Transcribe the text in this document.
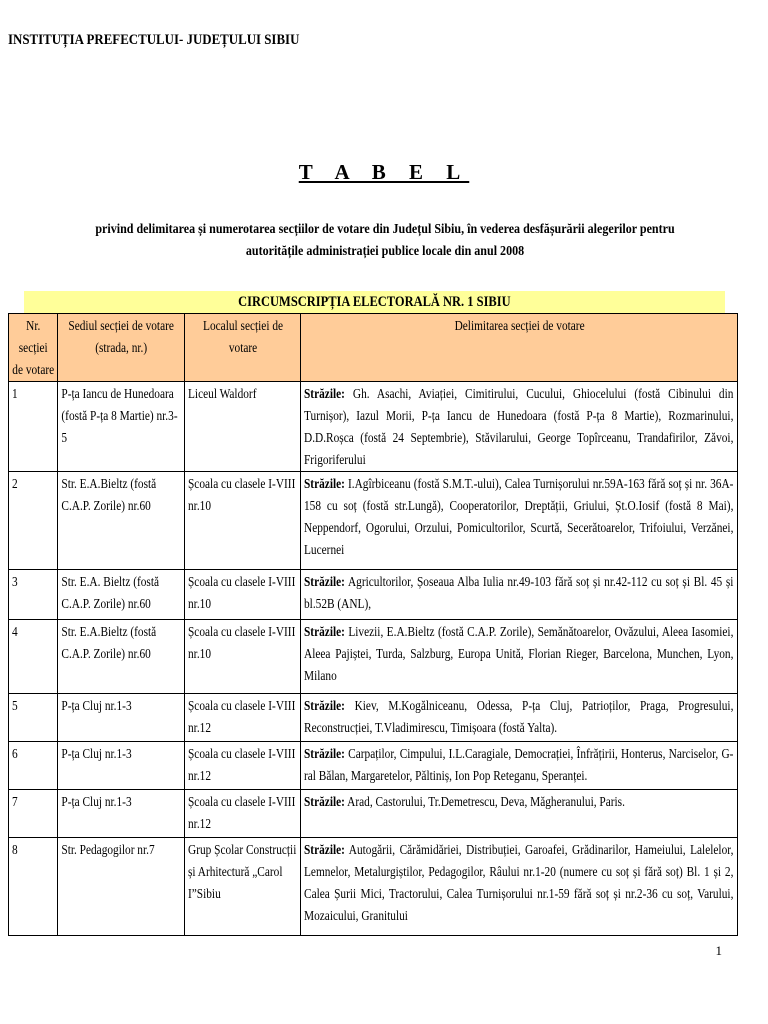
INSTITUȚIA PREFECTULUI- JUDEȚULUI SIBIU
T A B E L
privind delimitarea și numerotarea secțiilor de votare din Județul Sibiu, în vederea desfășurării alegerilor pentru autoritățile administrației publice locale din anul 2008
CIRCUMSCRIPȚIA ELECTORALĂ NR. 1 SIBIU
Nr. secției de votare	Sediul secției de votare (strada, nr.)	Localul secției de votare	Delimitarea secției de votare

1	P-ța Iancu de Hunedoara (fostă P-ța 8 Martie) nr.3-5	Liceul Waldorf	Străzile: Gh. Asachi, Aviației, Cimitirului, Cucului, Ghiocelului (fostă Cibinului din Turnișor), Iazul Morii, P-ța Iancu de Hunedoara (fostă P-ța 8 Martie), Rozmarinului, D.D.Roșca (fostă 24 Septembrie), Stăvilarului, George Topîrceanu, Trandafirilor, Zăvoi, Frigoriferului

2	Str. E.A.Bieltz (fostă C.A.P. Zorile) nr.60	Școala cu clasele I-VIII nr.10	Străzile: I.Agîrbiceanu (fostă S.M.T.-ului), Calea Turnișorului nr.59A-163 fără soț și nr. 36A-158 cu soț (fostă str.Lungă), Cooperatorilor, Dreptății, Griului, Șt.O.Iosif (fostă 8 Mai), Neppendorf, Ogorului, Orzului, Pomicultorilor, Scurtă, Secerătoarelor, Trifoiului, Verzănei, Lucernei

3	Str. E.A. Bieltz (fostă C.A.P. Zorile) nr.60	Școala cu clasele I-VIII nr.10	Străzile: Agricultorilor, Șoseaua Alba Iulia nr.49-103 fără soț și nr.42-112 cu soț și Bl. 45 și bl.52B (ANL),

4	Str. E.A.Bieltz (fostă C.A.P. Zorile) nr.60	Școala cu clasele I-VIII nr.10	Străzile: Livezii, E.A.Bieltz (fostă C.A.P. Zorile), Semănătoarelor, Ovăzului, Aleea Iasomiei, Aleea Pajiștei, Turda, Salzburg, Europa Unită, Florian Rieger, Barcelona, Munchen, Lyon, Milano

5	P-ța Cluj nr.1-3	Școala cu clasele I-VIII nr.12	Străzile: Kiev, M.Kogălniceanu, Odessa, P-ța Cluj, Patrioților, Praga, Progresului, Reconstrucției, T.Vladimirescu, Timișoara (fostă Yalta).

6	P-ța Cluj nr.1-3	Școala cu clasele I-VIII nr.12	Străzile: Carpaților, Cimpului, I.L.Caragiale, Democrației, Înfrățirii, Honterus, Narciselor, G-ral Bălan, Margaretelor, Păltiniș, Ion Pop Reteganu, Speranței.

7	P-ța Cluj nr.1-3	Școala cu clasele I-VIII nr.12	Străzile: Arad, Castorului, Tr.Demetrescu, Deva, Măgheranului, Paris.

8	Str. Pedagogilor nr.7	Grup Școlar Construcții și Arhitectură „Carol I”Sibiu	Străzile: Autogării, Cărămidăriei, Distribuției, Garoafei, Grădinarilor, Hameiului, Lalelelor, Lemnelor, Metalurgiștilor, Pedagogilor, Râului nr.1-20 (numere cu soț și fără soț) Bl. 1 și 2, Calea Șurii Mici, Tractorului, Calea Turnișorului nr.1-59 fără soț și nr.2-36 cu soț, Varului, Mozaicului, Granitului
1
